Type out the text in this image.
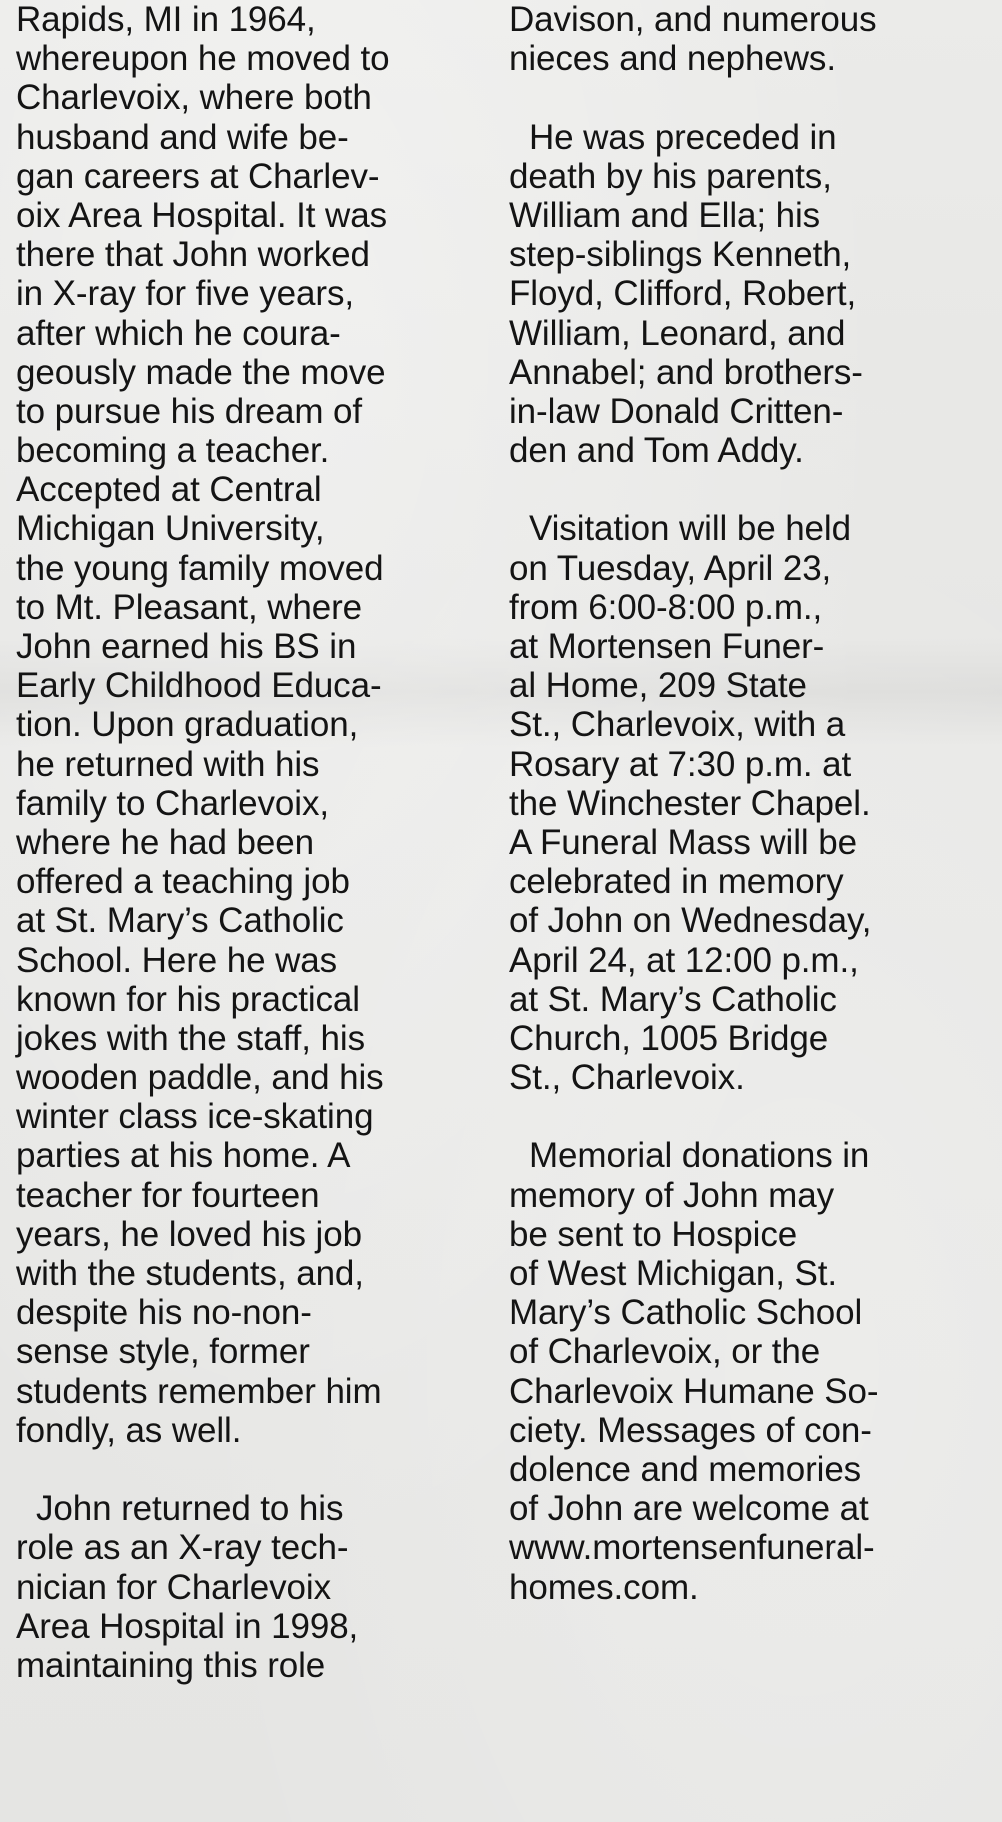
Rapids, MI in 1964,
whereupon he moved to
Charlevoix, where both
husband and wife be-
gan careers at Charlev-
oix Area Hospital. It was
there that John worked
in X-ray for five years,
after which he coura-
geously made the move
to pursue his dream of
becoming a teacher.
Accepted at Central
Michigan University,
the young family moved
to Mt. Pleasant, where
John earned his BS in
Early Childhood Educa-
tion. Upon graduation,
he returned with his
family to Charlevoix,
where he had been
offered a teaching job
at St. Mary’s Catholic
School. Here he was
known for his practical
jokes with the staff, his
wooden paddle, and his
winter class ice-skating
parties at his home. A
teacher for fourteen
years, he loved his job
with the students, and,
despite his no-non-
sense style, former
students remember him
fondly, as well.
John returned to his
role as an X-ray tech-
nician for Charlevoix
Area Hospital in 1998,
maintaining this role
Davison, and numerous
nieces and nephews.
He was preceded in
death by his parents,
William and Ella; his
step-siblings Kenneth,
Floyd, Clifford, Robert,
William, Leonard, and
Annabel; and brothers-
in-law Donald Critten-
den and Tom Addy.
Visitation will be held
on Tuesday, April 23,
from 6:00-8:00 p.m.,
at Mortensen Funer-
al Home, 209 State
St., Charlevoix, with a
Rosary at 7:30 p.m. at
the Winchester Chapel.
A Funeral Mass will be
celebrated in memory
of John on Wednesday,
April 24, at 12:00 p.m.,
at St. Mary’s Catholic
Church, 1005 Bridge
St., Charlevoix.
Memorial donations in
memory of John may
be sent to Hospice
of West Michigan, St.
Mary’s Catholic School
of Charlevoix, or the
Charlevoix Humane So-
ciety. Messages of con-
dolence and memories
of John are welcome at
www.mortensenfuneral-
homes.com.
